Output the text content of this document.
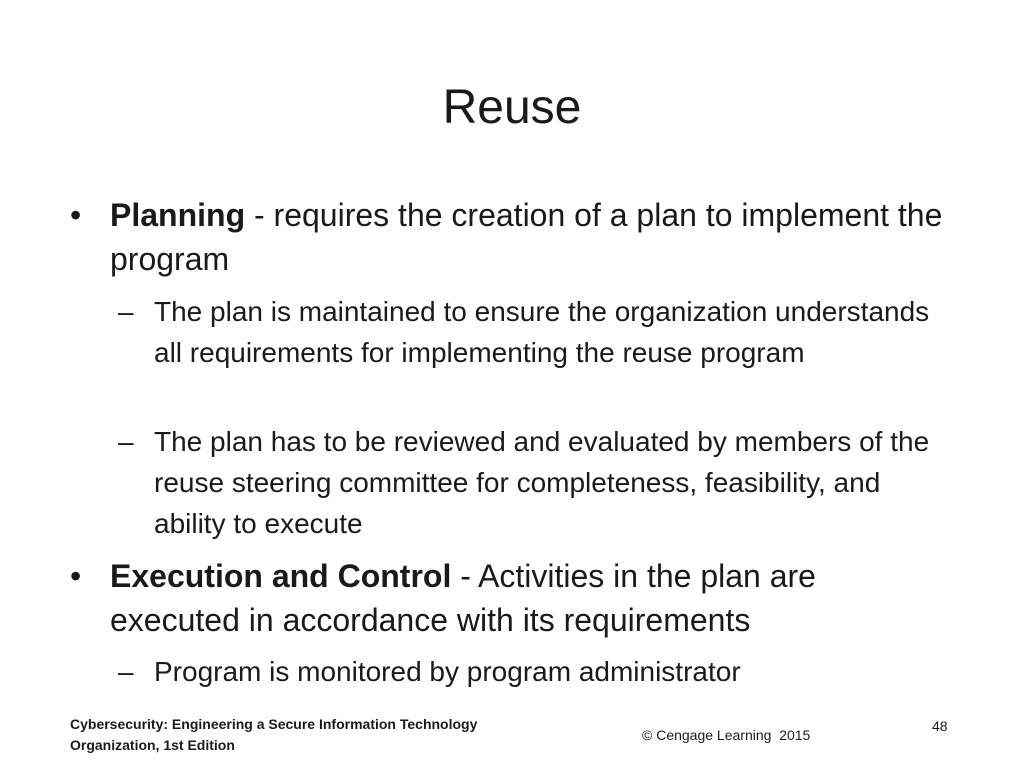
Reuse
• Planning - requires the creation of a plan to implement the program
– The plan is maintained to ensure the organization understands all requirements for implementing the reuse program
– The plan has to be reviewed and evaluated by members of the reuse steering committee for completeness, feasibility, and ability to execute
• Execution and Control - Activities in the plan are executed in accordance with its requirements
– Program is monitored by program administrator
Cybersecurity: Engineering a Secure Information Technology
Organization, 1st Edition
© Cengage Learning  2015
48
